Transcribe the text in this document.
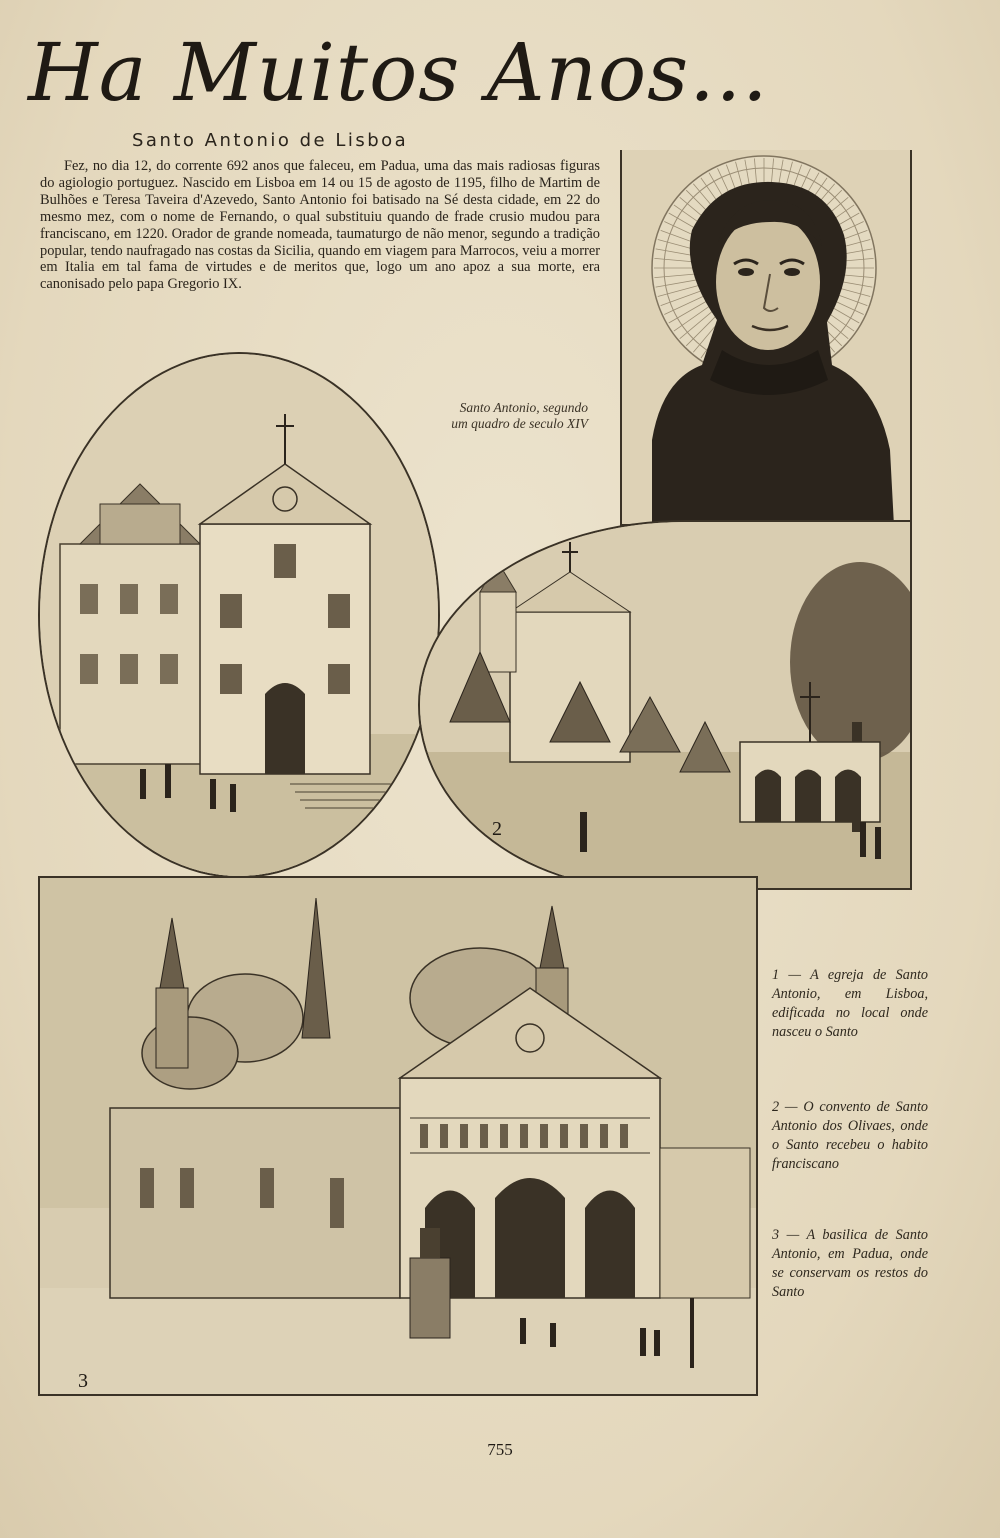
Ha Muitos Anos...
Santo Antonio de Lisboa

Fez, no dia 12, do corrente 692 anos que faleceu, em Padua, uma das mais radiosas figuras do agiologio portuguez. Nascido em Lisboa em 14 ou 15 de agosto de 1195, filho de Martim de Bulhões e Teresa Taveira d'Azevedo, Santo Antonio foi batisado na Sé desta cidade, em 22 do mesmo mez, com o nome de Fernando, o qual substituiu quando de frade crusio mudou para franciscano, em 1220. Orador de grande nomeada, taumaturgo de não menor, segundo a tradição popular, tendo naufragado nas costas da Sicilia, quando em viagem para Marrocos, veiu a morrer em Italia em tal fama de virtudes e de meritos que, logo um ano apoz a sua morte, era canonisado pelo papa Gregorio IX.

Santo Antonio, segundo
um quadro de seculo XIV

1
2
3

1 — A egreja de Santo Antonio, em Lisboa, edificada no local onde nasceu o Santo

2 — O convento de Santo Antonio dos Olivaes, onde o Santo recebeu o habito franciscano

3 — A basilica de Santo Antonio, em Padua, onde se conservam os restos do Santo

755
